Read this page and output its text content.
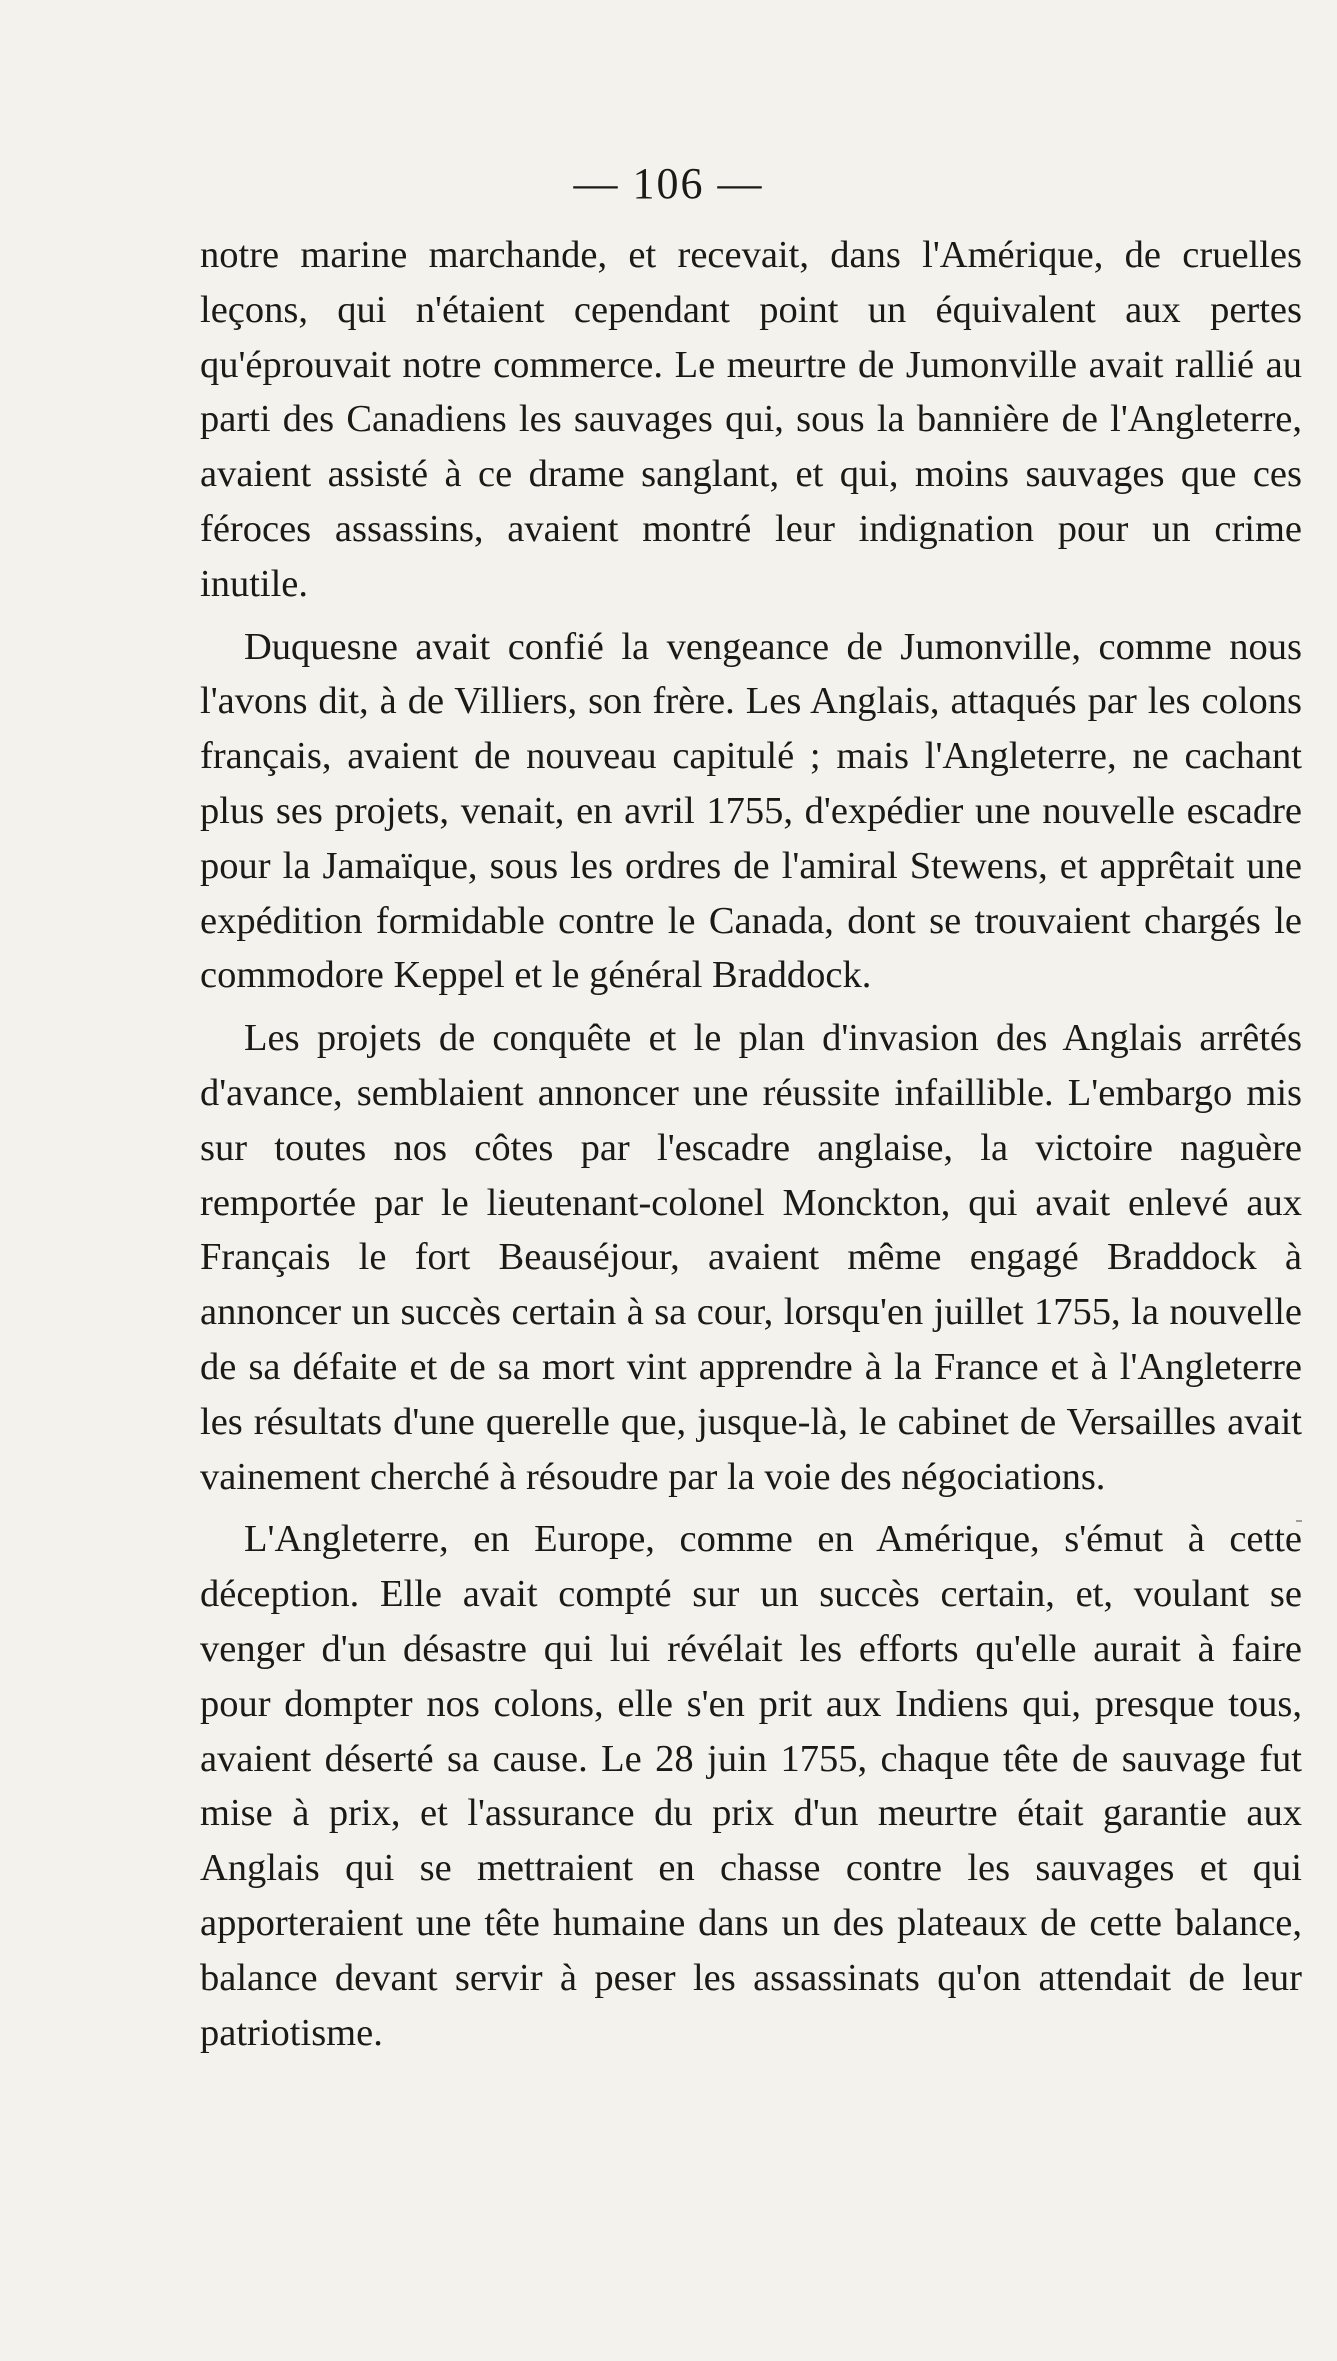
— 106 —

notre marine marchande, et recevait, dans l'Amérique, de cruelles leçons, qui n'étaient cependant point un équivalent aux pertes qu'éprouvait notre commerce. Le meurtre de Jumonville avait rallié au parti des Canadiens les sauvages qui, sous la bannière de l'Angleterre, avaient assisté à ce drame sanglant, et qui, moins sauvages que ces féroces assassins, avaient montré leur indignation pour un crime inutile.

Duquesne avait confié la vengeance de Jumonville, comme nous l'avons dit, à de Villiers, son frère. Les Anglais, attaqués par les colons français, avaient de nouveau capitulé ; mais l'Angleterre, ne cachant plus ses projets, venait, en avril 1755, d'expédier une nouvelle escadre pour la Jamaïque, sous les ordres de l'amiral Stewens, et apprêtait une expédition formidable contre le Canada, dont se trouvaient chargés le commodore Keppel et le général Braddock.

Les projets de conquête et le plan d'invasion des Anglais arrêtés d'avance, semblaient annoncer une réussite infaillible. L'embargo mis sur toutes nos côtes par l'escadre anglaise, la victoire naguère remportée par le lieutenant-colonel Monckton, qui avait enlevé aux Français le fort Beauséjour, avaient même engagé Braddock à annoncer un succès certain à sa cour, lorsqu'en juillet 1755, la nouvelle de sa défaite et de sa mort vint apprendre à la France et à l'Angleterre les résultats d'une querelle que, jusque-là, le cabinet de Versailles avait vainement cherché à résoudre par la voie des négociations.

L'Angleterre, en Europe, comme en Amérique, s'émut à cette déception. Elle avait compté sur un succès certain, et, voulant se venger d'un désastre qui lui révélait les efforts qu'elle aurait à faire pour dompter nos colons, elle s'en prit aux Indiens qui, presque tous, avaient déserté sa cause. Le 28 juin 1755, chaque tête de sauvage fut mise à prix, et l'assurance du prix d'un meurtre était garantie aux Anglais qui se mettraient en chasse contre les sauvages et qui apporteraient une tête humaine dans un des plateaux de cette balance, balance devant servir à peser les assassinats qu'on attendait de leur patriotisme.
